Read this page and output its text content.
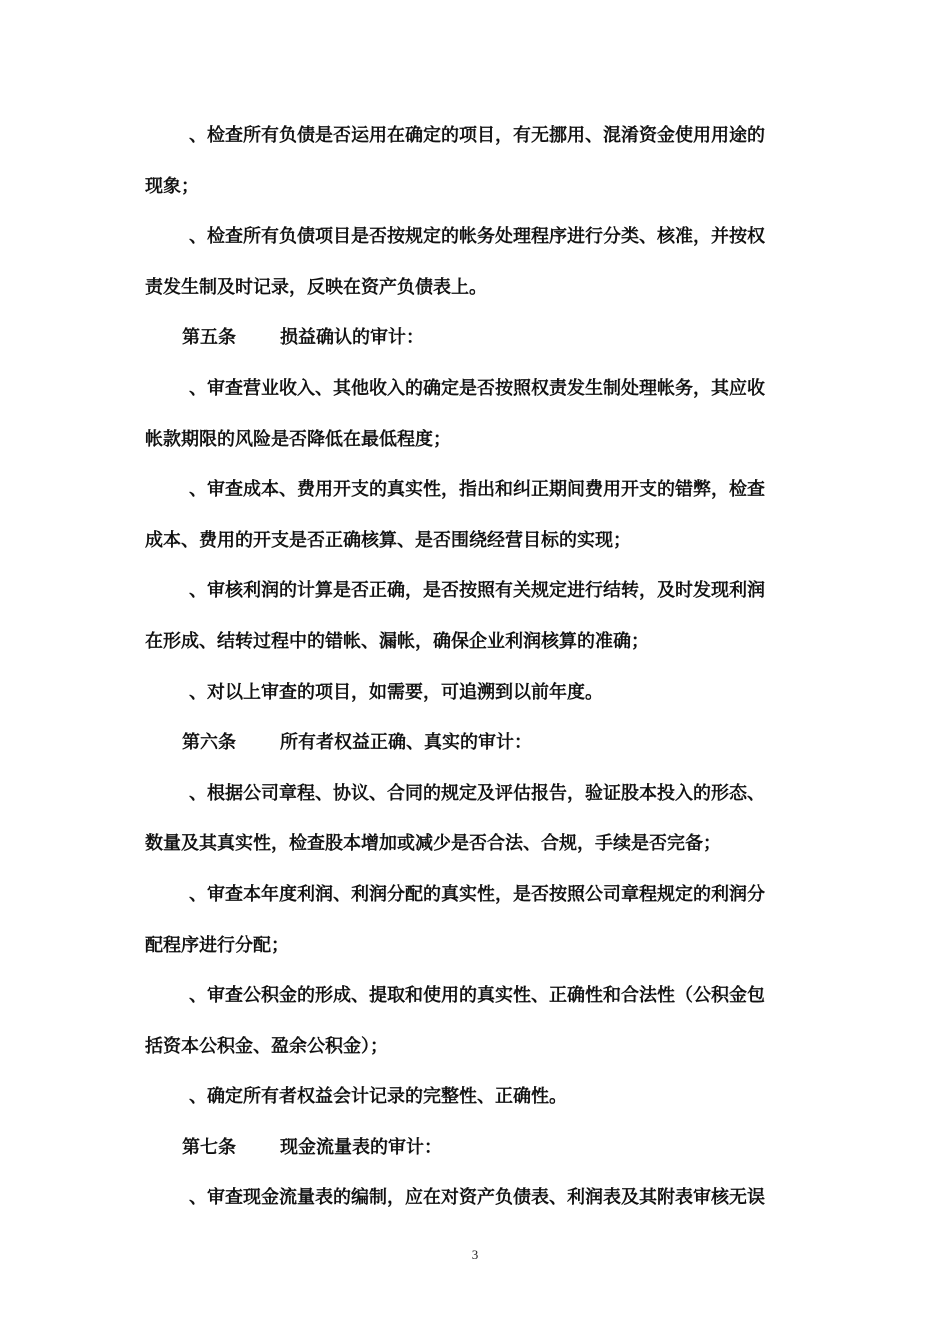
、检查所有负债是否运用在确定的项目，有无挪用、混淆资金使用用途的
现象；
、检查所有负债项目是否按规定的帐务处理程序进行分类、核准，并按权
责发生制及时记录，反映在资产负债表上。
第五条 损益确认的审计：
、审查营业收入、其他收入的确定是否按照权责发生制处理帐务，其应收
帐款期限的风险是否降低在最低程度；
、审查成本、费用开支的真实性，指出和纠正期间费用开支的错弊，检查
成本、费用的开支是否正确核算、是否围绕经营目标的实现；
、审核利润的计算是否正确，是否按照有关规定进行结转，及时发现利润
在形成、结转过程中的错帐、漏帐，确保企业利润核算的准确；
、对以上审查的项目，如需要，可追溯到以前年度。
第六条 所有者权益正确、真实的审计：
、根据公司章程、协议、合同的规定及评估报告，验证股本投入的形态、
数量及其真实性，检查股本增加或减少是否合法、合规，手续是否完备；
、审查本年度利润、利润分配的真实性，是否按照公司章程规定的利润分
配程序进行分配；
、审查公积金的形成、提取和使用的真实性、正确性和合法性（公积金包
括资本公积金、盈余公积金）；
、确定所有者权益会计记录的完整性、正确性。
第七条 现金流量表的审计：
、审查现金流量表的编制，应在对资产负债表、利润表及其附表审核无误
3
